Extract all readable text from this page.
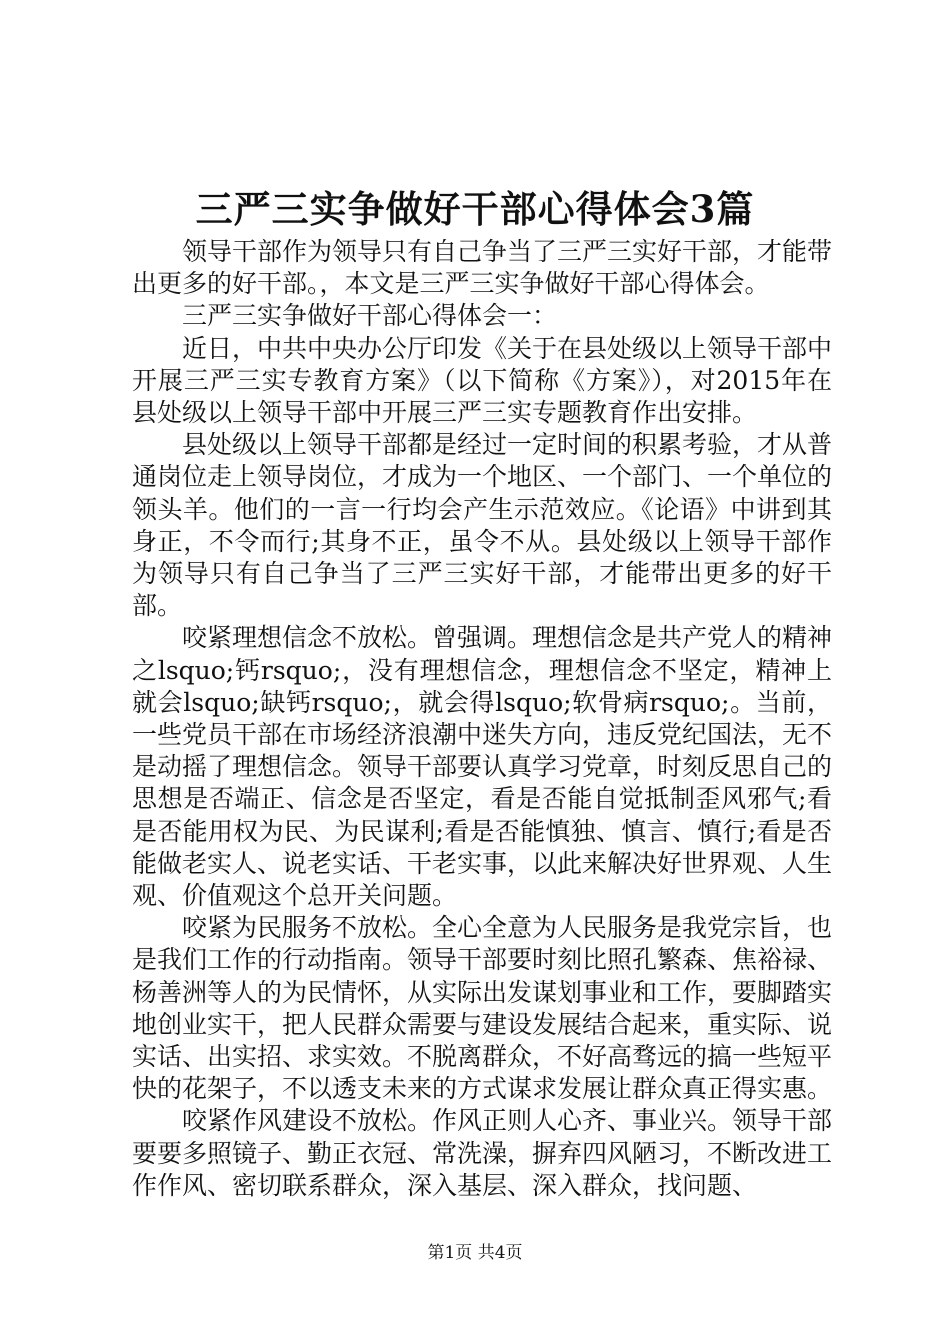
三严三实争做好干部心得体会3篇

领导干部作为领导只有自己争当了三严三实好干部，才能带出更多的好干部。，本文是三严三实争做好干部心得体会。

三严三实争做好干部心得体会一：

近日，中共中央办公厅印发《关于在县处级以上领导干部中开展三严三实专教育方案》（以下简称《方案》），对2015年在县处级以上领导干部中开展三严三实专题教育作出安排。

县处级以上领导干部都是经过一定时间的积累考验，才从普通岗位走上领导岗位，才成为一个地区、一个部门、一个单位的领头羊。他们的一言一行均会产生示范效应。《论语》中讲到其身正，不令而行;其身不正，虽令不从。县处级以上领导干部作为领导只有自己争当了三严三实好干部，才能带出更多的好干部。

咬紧理想信念不放松。曾强调。理想信念是共产党人的精神之lsquo;钙rsquo;，没有理想信念，理想信念不坚定，精神上就会lsquo;缺钙rsquo;，就会得lsquo;软骨病rsquo;。当前，一些党员干部在市场经济浪潮中迷失方向，违反党纪国法，无不是动摇了理想信念。领导干部要认真学习党章，时刻反思自己的思想是否端正、信念是否坚定，看是否能自觉抵制歪风邪气;看是否能用权为民、为民谋利;看是否能慎独、慎言、慎行;看是否能做老实人、说老实话、干老实事，以此来解决好世界观、人生观、价值观这个总开关问题。

咬紧为民服务不放松。全心全意为人民服务是我党宗旨，也是我们工作的行动指南。领导干部要时刻比照孔繁森、焦裕禄、杨善洲等人的为民情怀，从实际出发谋划事业和工作，要脚踏实地创业实干，把人民群众需要与建设发展结合起来，重实际、说实话、出实招、求实效。不脱离群众，不好高骛远的搞一些短平快的花架子，不以透支未来的方式谋求发展让群众真正得实惠。

咬紧作风建设不放松。作风正则人心齐、事业兴。领导干部要要多照镜子、勤正衣冠、常洗澡，摒弃四风陋习，不断改进工作作风、密切联系群众，深入基层、深入群众，找问题、

第1页 共4页
